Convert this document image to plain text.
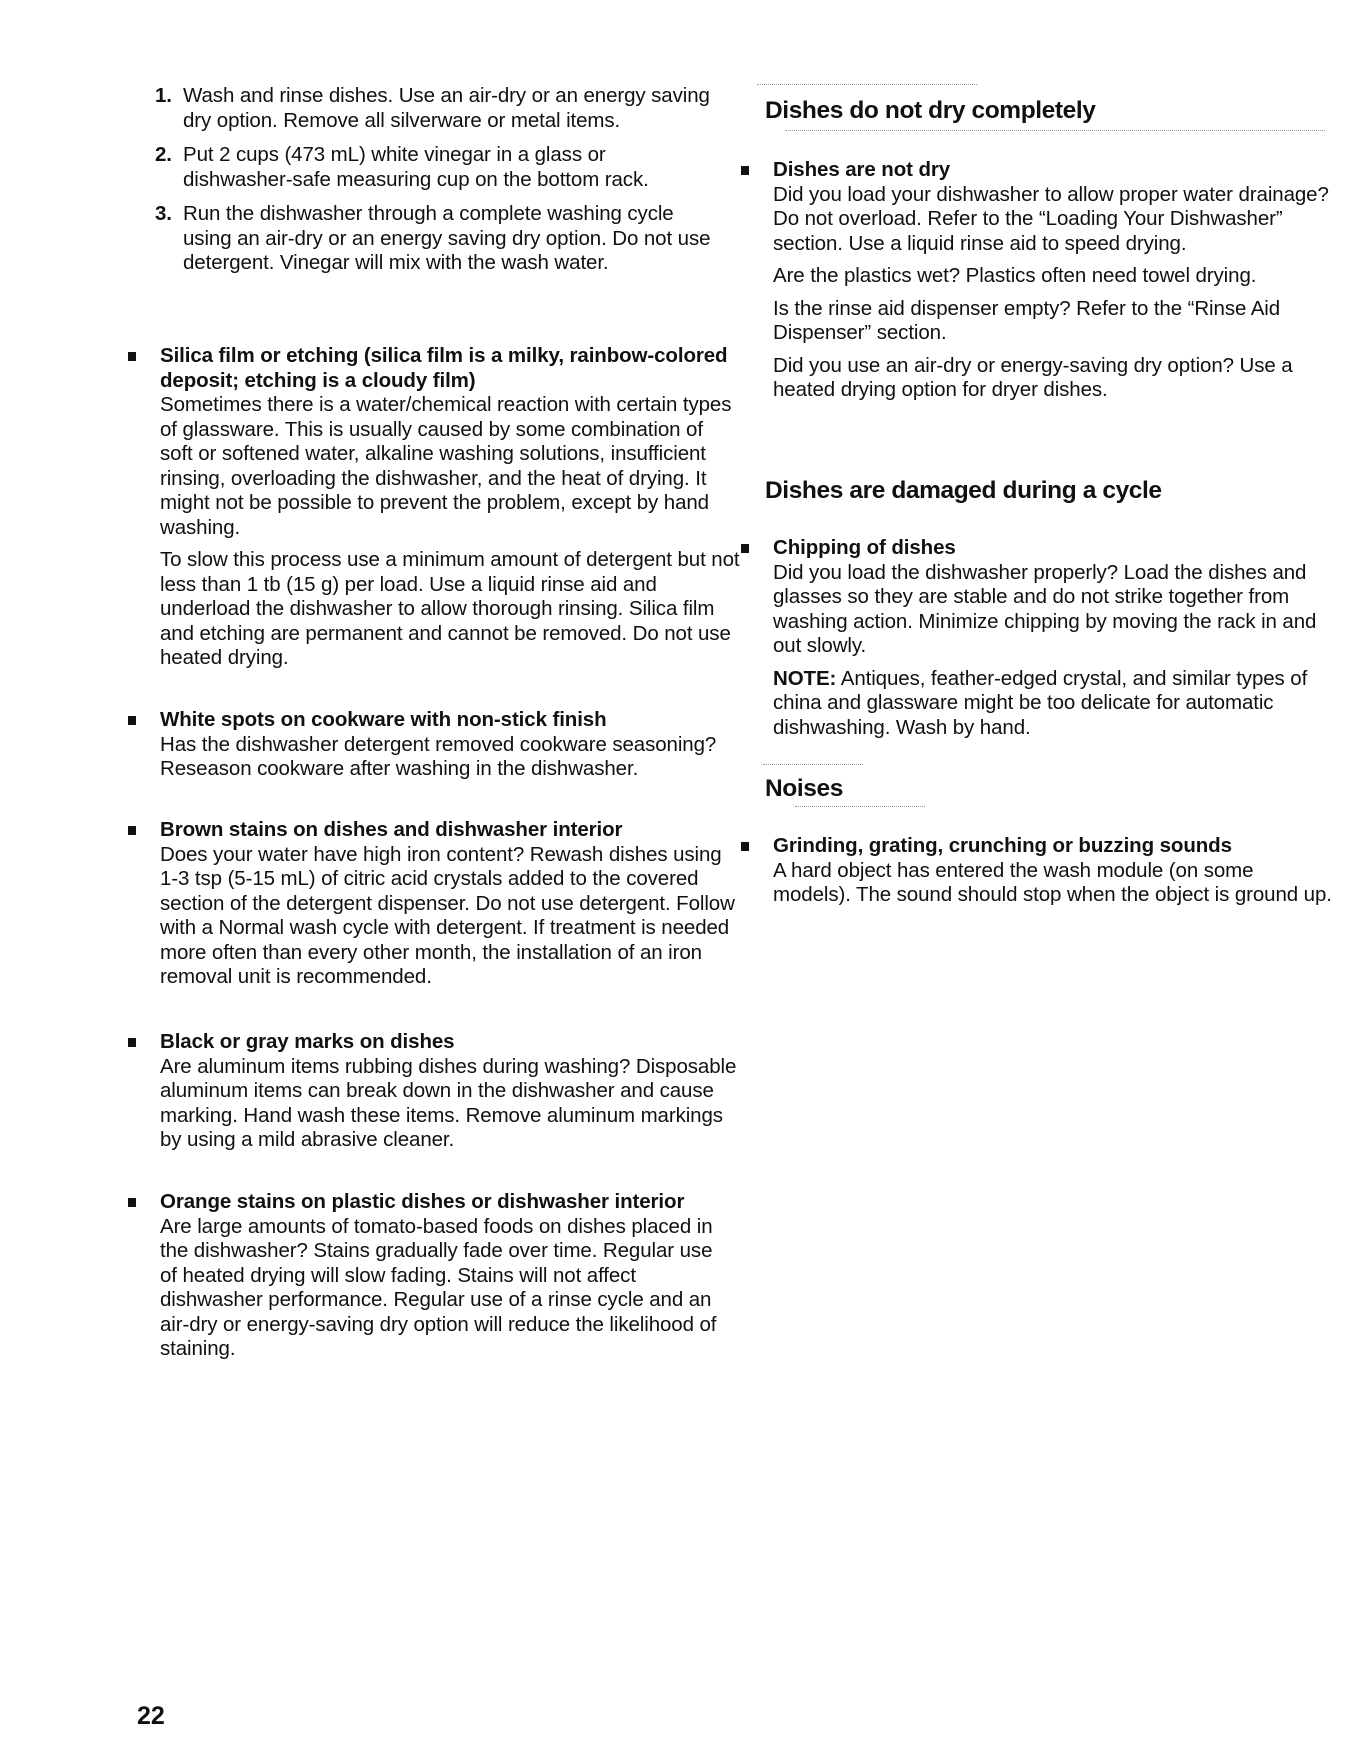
1. Wash and rinse dishes. Use an air-dry or an energy saving dry option. Remove all silverware or metal items.

2. Put 2 cups (473 mL) white vinegar in a glass or dishwasher-safe measuring cup on the bottom rack.

3. Run the dishwasher through a complete washing cycle using an air-dry or an energy saving dry option. Do not use detergent. Vinegar will mix with the wash water.

Silica film or etching (silica film is a milky, rainbow-colored deposit; etching is a cloudy film)

Sometimes there is a water/chemical reaction with certain types of glassware. This is usually caused by some combination of soft or softened water, alkaline washing solutions, insufficient rinsing, overloading the dishwasher, and the heat of drying. It might not be possible to prevent the problem, except by hand washing.

To slow this process use a minimum amount of detergent but not less than 1 tb (15 g) per load. Use a liquid rinse aid and underload the dishwasher to allow thorough rinsing. Silica film and etching are permanent and cannot be removed. Do not use heated drying.

White spots on cookware with non-stick finish

Has the dishwasher detergent removed cookware seasoning? Reseason cookware after washing in the dishwasher.

Brown stains on dishes and dishwasher interior

Does your water have high iron content? Rewash dishes using 1-3 tsp (5-15 mL) of citric acid crystals added to the covered section of the detergent dispenser. Do not use detergent. Follow with a Normal wash cycle with detergent. If treatment is needed more often than every other month, the installation of an iron removal unit is recommended.

Black or gray marks on dishes

Are aluminum items rubbing dishes during washing? Disposable aluminum items can break down in the dishwasher and cause marking. Hand wash these items. Remove aluminum markings by using a mild abrasive cleaner.

Orange stains on plastic dishes or dishwasher interior

Are large amounts of tomato-based foods on dishes placed in the dishwasher? Stains gradually fade over time. Regular use of heated drying will slow fading. Stains will not affect dishwasher performance. Regular use of a rinse cycle and an air-dry or energy-saving dry option will reduce the likelihood of staining.

Dishes do not dry completely

Dishes are not dry

Did you load your dishwasher to allow proper water drainage? Do not overload. Refer to the “Loading Your Dishwasher” section. Use a liquid rinse aid to speed drying.

Are the plastics wet? Plastics often need towel drying.

Is the rinse aid dispenser empty? Refer to the “Rinse Aid Dispenser” section.

Did you use an air-dry or energy-saving dry option? Use a heated drying option for dryer dishes.

Dishes are damaged during a cycle

Chipping of dishes

Did you load the dishwasher properly? Load the dishes and glasses so they are stable and do not strike together from washing action. Minimize chipping by moving the rack in and out slowly.

NOTE: Antiques, feather-edged crystal, and similar types of china and glassware might be too delicate for automatic dishwashing. Wash by hand.

Noises

Grinding, grating, crunching or buzzing sounds

A hard object has entered the wash module (on some models). The sound should stop when the object is ground up.

22
